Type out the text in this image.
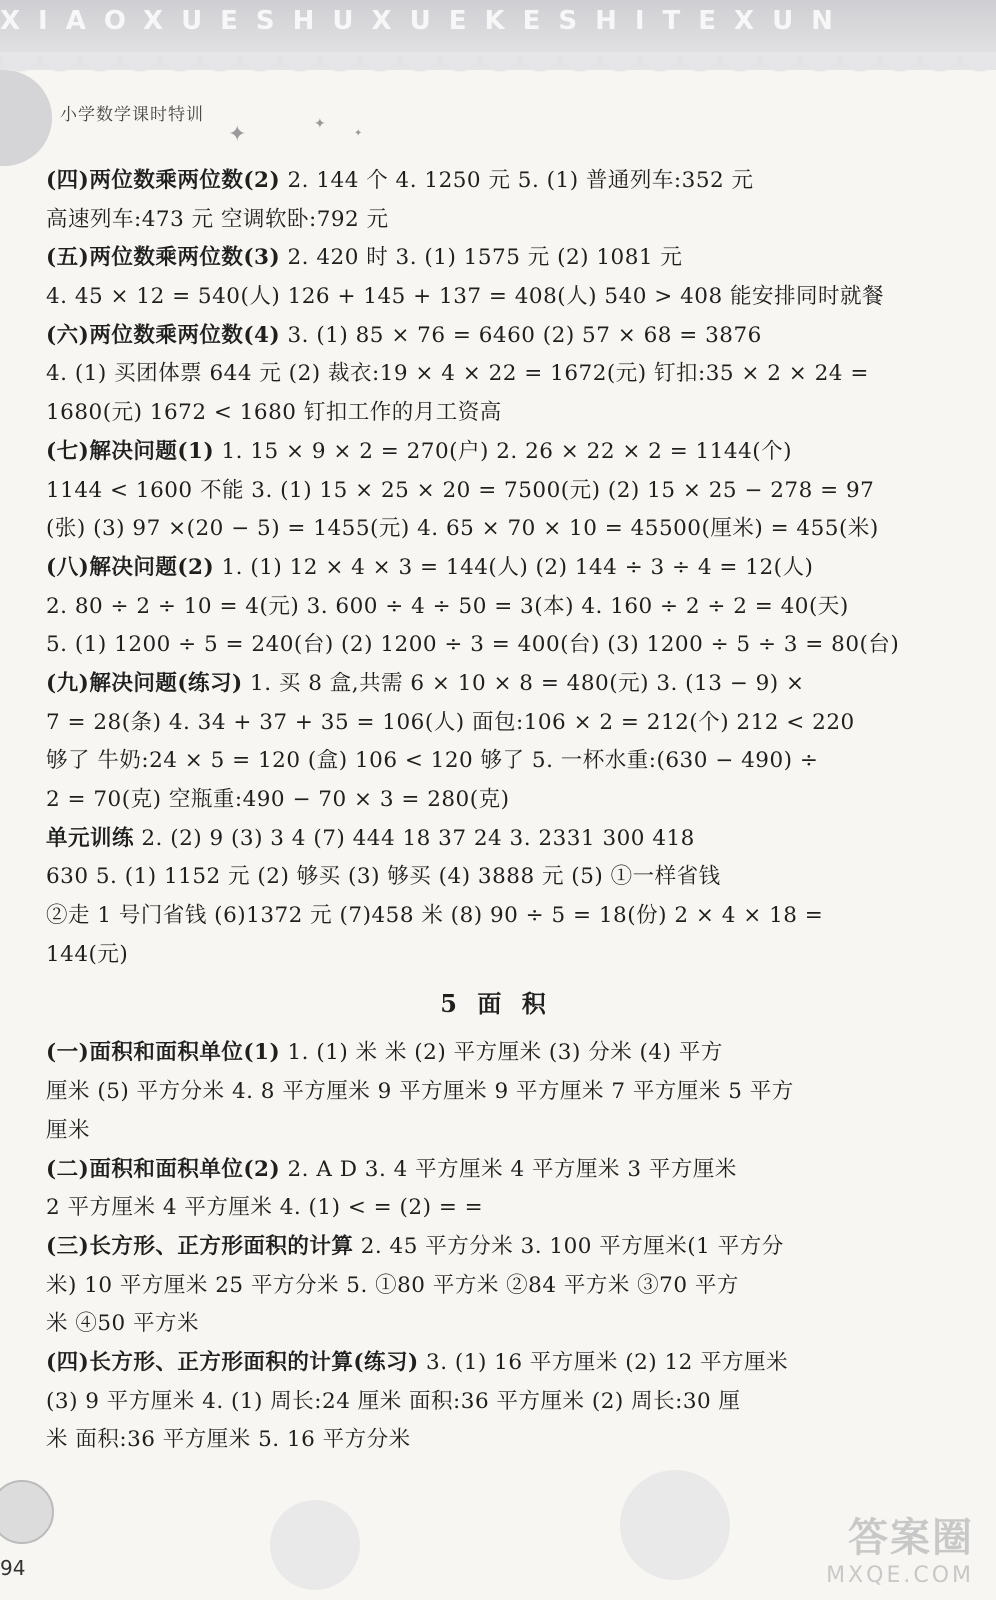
XIAOXUESHUXUEKESHITEXUN
小学数学课时特训
✦	✦
✦
(四)两位数乘两位数(2) 2. 144 个 4. 1250 元 5. (1) 普通列车:352 元
高速列车:473 元 空调软卧:792 元
(五)两位数乘两位数(3) 2. 420 时 3. (1) 1575 元 (2) 1081 元
4. 45 × 12 = 540(人) 126 + 145 + 137 = 408(人) 540 > 408 能安排同时就餐
(六)两位数乘两位数(4) 3. (1) 85 × 76 = 6460 (2) 57 × 68 = 3876
4. (1) 买团体票 644 元 (2) 裁衣:19 × 4 × 22 = 1672(元) 钉扣:35 × 2 × 24 =
1680(元) 1672 < 1680 钉扣工作的月工资高
(七)解决问题(1) 1. 15 × 9 × 2 = 270(户) 2. 26 × 22 × 2 = 1144(个)
1144 < 1600 不能 3. (1) 15 × 25 × 20 = 7500(元) (2) 15 × 25 − 278 = 97
(张) (3) 97 ×(20 − 5) = 1455(元) 4. 65 × 70 × 10 = 45500(厘米) = 455(米)
(八)解决问题(2) 1. (1) 12 × 4 × 3 = 144(人) (2) 144 ÷ 3 ÷ 4 = 12(人)
2. 80 ÷ 2 ÷ 10 = 4(元) 3. 600 ÷ 4 ÷ 50 = 3(本) 4. 160 ÷ 2 ÷ 2 = 40(天)
5. (1) 1200 ÷ 5 = 240(台) (2) 1200 ÷ 3 = 400(台) (3) 1200 ÷ 5 ÷ 3 = 80(台)
(九)解决问题(练习) 1. 买 8 盒,共需 6 × 10 × 8 = 480(元) 3. (13 − 9) ×
7 = 28(条) 4. 34 + 37 + 35 = 106(人) 面包:106 × 2 = 212(个) 212 < 220
够了 牛奶:24 × 5 = 120 (盒) 106 < 120 够了 5. 一杯水重:(630 − 490) ÷
2 = 70(克) 空瓶重:490 − 70 × 3 = 280(克)
单元训练 2. (2) 9 (3) 3 4 (7) 444 18 37 24 3. 2331 300 418
630 5. (1) 1152 元 (2) 够买 (3) 够买 (4) 3888 元 (5) ①一样省钱
②走 1 号门省钱 (6)1372 元 (7)458 米 (8) 90 ÷ 5 = 18(份) 2 × 4 × 18 =
144(元)
5 面 积
(一)面积和面积单位(1) 1. (1) 米 米 (2) 平方厘米 (3) 分米 (4) 平方
厘米 (5) 平方分米 4. 8 平方厘米 9 平方厘米 9 平方厘米 7 平方厘米 5 平方
厘米
(二)面积和面积单位(2) 2. A D 3. 4 平方厘米 4 平方厘米 3 平方厘米
2 平方厘米 4 平方厘米 4. (1) < = (2) = =
(三)长方形、正方形面积的计算 2. 45 平方分米 3. 100 平方厘米(1 平方分
米) 10 平方厘米 25 平方分米 5. ①80 平方米 ②84 平方米 ③70 平方
米 ④50 平方米
(四)长方形、正方形面积的计算(练习) 3. (1) 16 平方厘米 (2) 12 平方厘米
(3) 9 平方厘米 4. (1) 周长:24 厘米 面积:36 平方厘米 (2) 周长:30 厘
米 面积:36 平方厘米 5. 16 平方分米
94
答案圈
MXQE.COM
